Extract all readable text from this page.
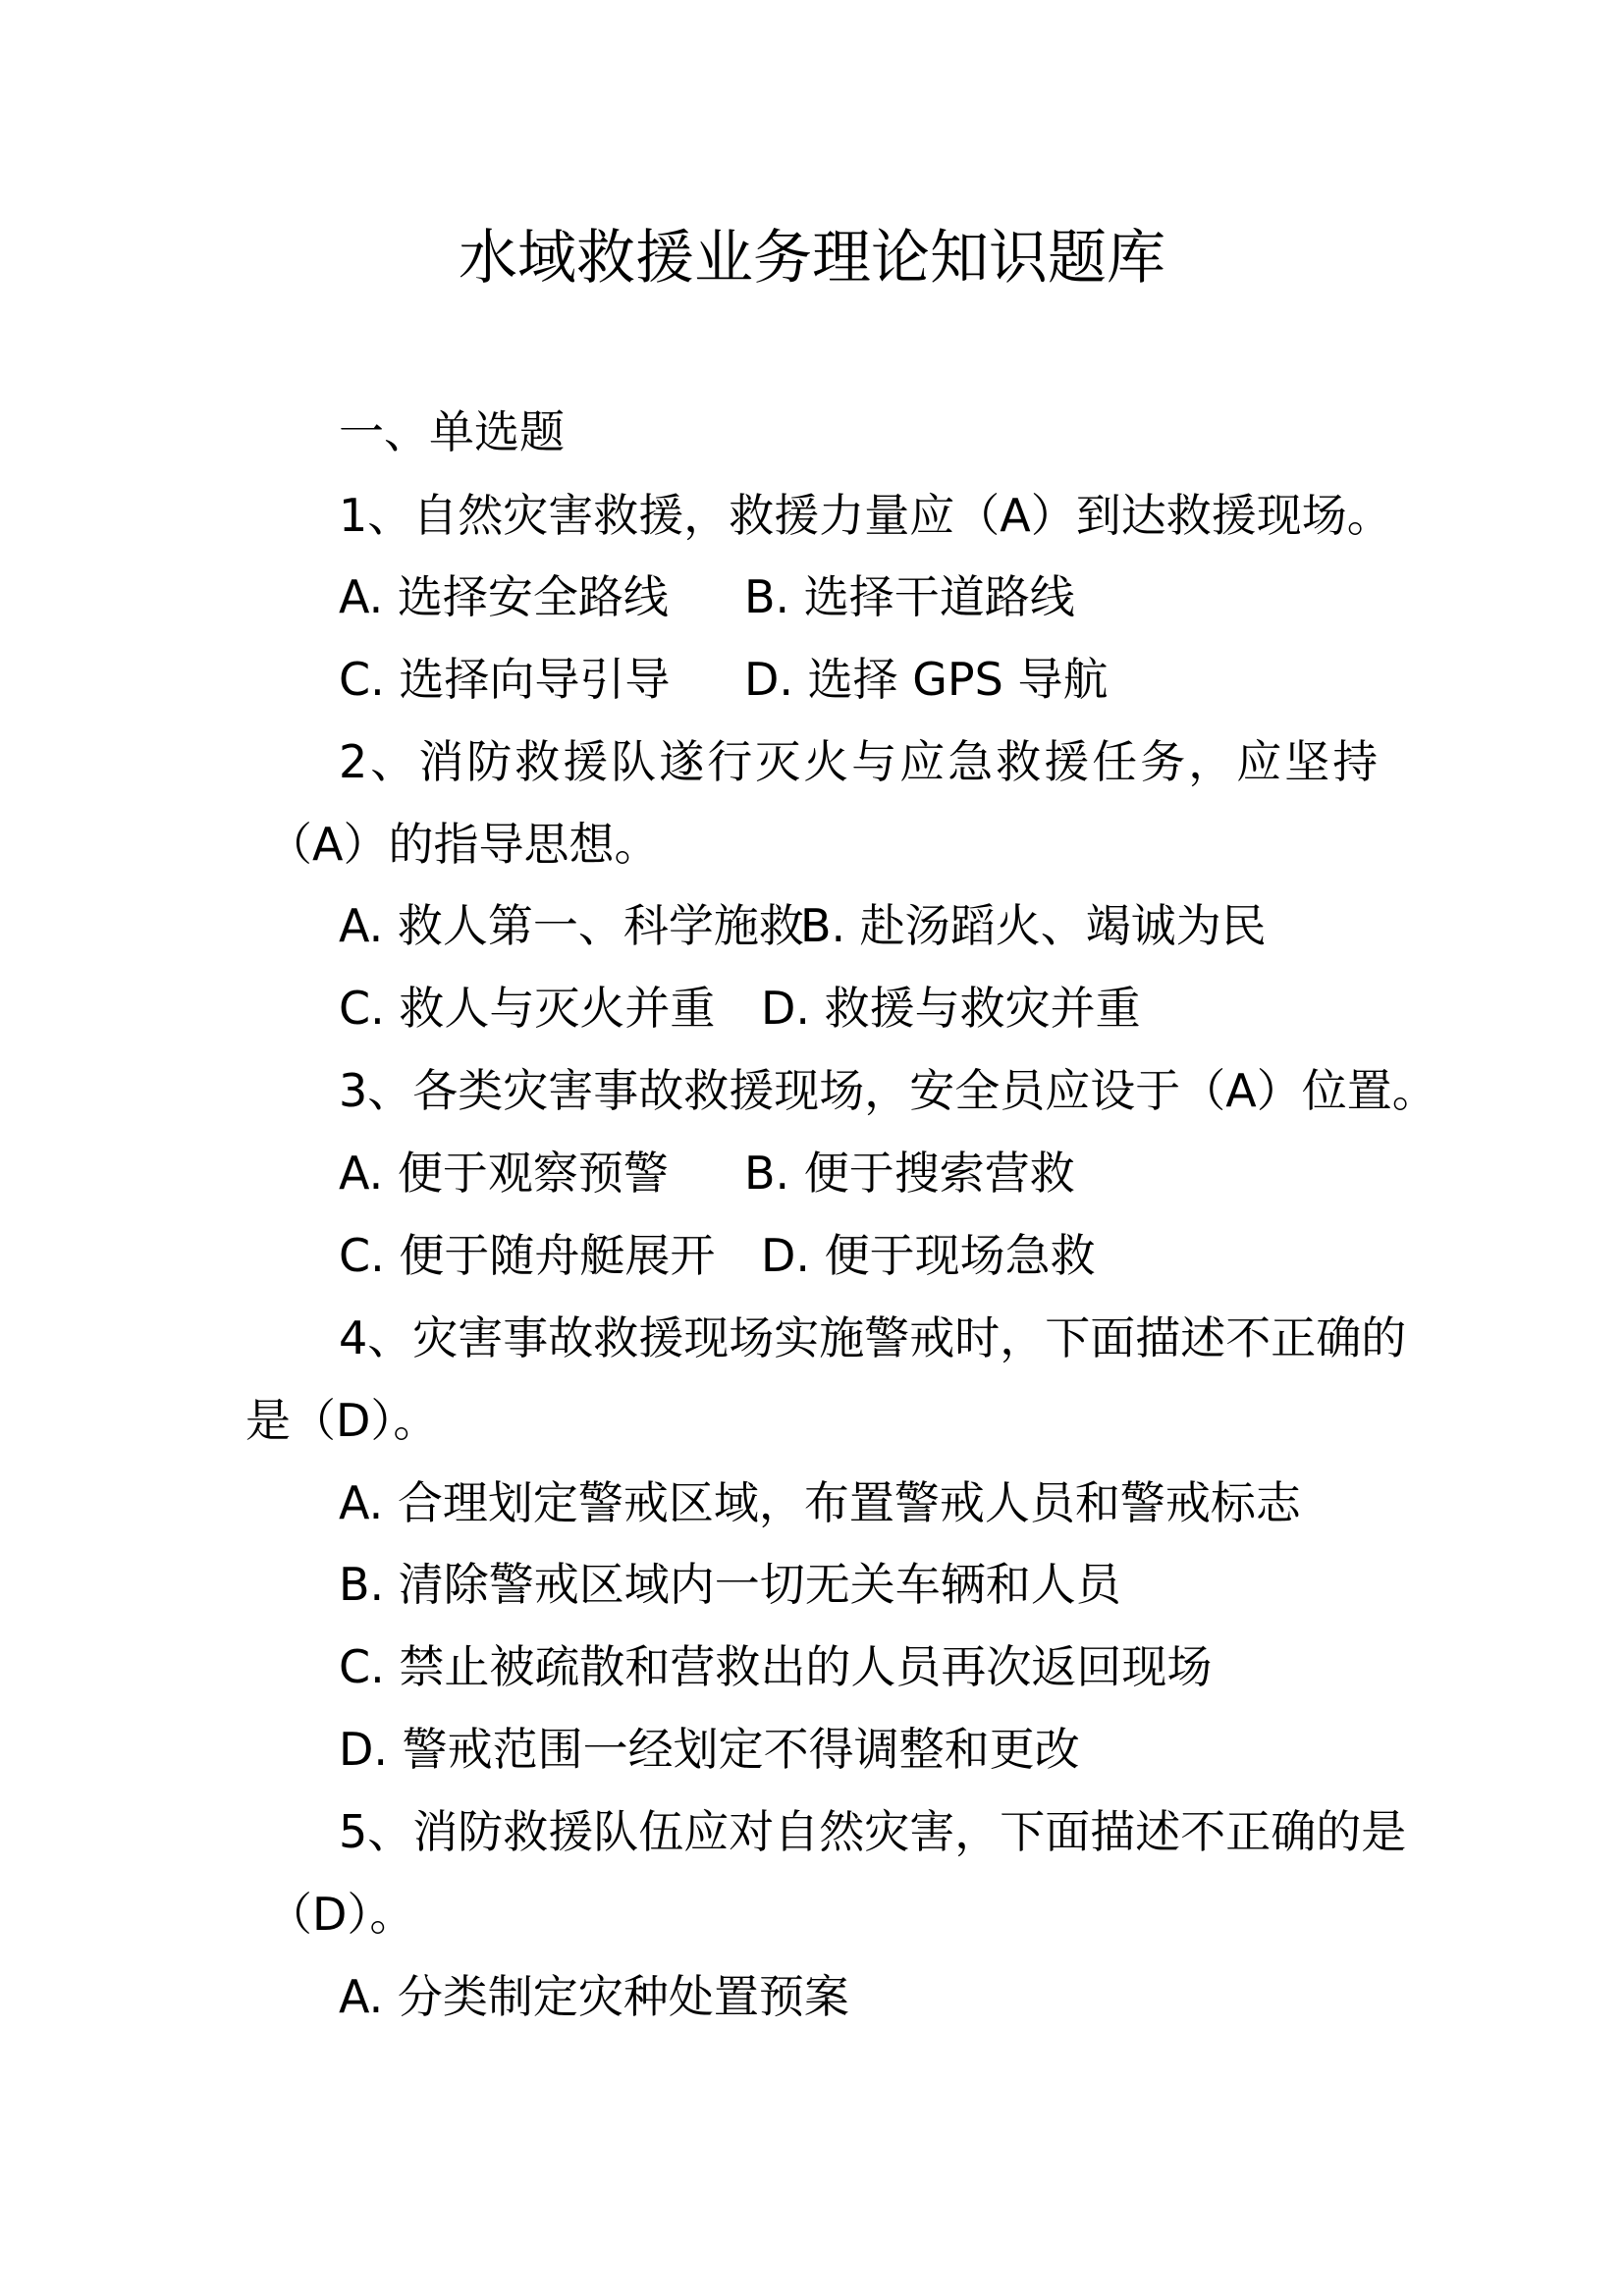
水域救援业务理论知识题库
一、单选题
1、自然灾害救援，救援力量应（A）到达救援现场。
A. 选择安全路线 B. 选择干道路线
C. 选择向导引导 D. 选择 GPS 导航
2、消防救援队遂行灭火与应急救援任务，应坚持
（A）的指导思想。
A. 救人第一、科学施救
B. 赴汤蹈火、竭诚为民
C. 救人与灭火并重 D. 救援与救灾并重
3、各类灾害事故救援现场，安全员应设于（A）位置。
A. 便于观察预警 B. 便于搜索营救
C. 便于随舟艇展开 D. 便于现场急救
4、灾害事故救援现场实施警戒时，下面描述不正确的
是（D）。
A. 合理划定警戒区域，布置警戒人员和警戒标志
B. 清除警戒区域内一切无关车辆和人员
C. 禁止被疏散和营救出的人员再次返回现场
D. 警戒范围一经划定不得调整和更改
5、消防救援队伍应对自然灾害，下面描述不正确的是
（D）。
A. 分类制定灾种处置预案
